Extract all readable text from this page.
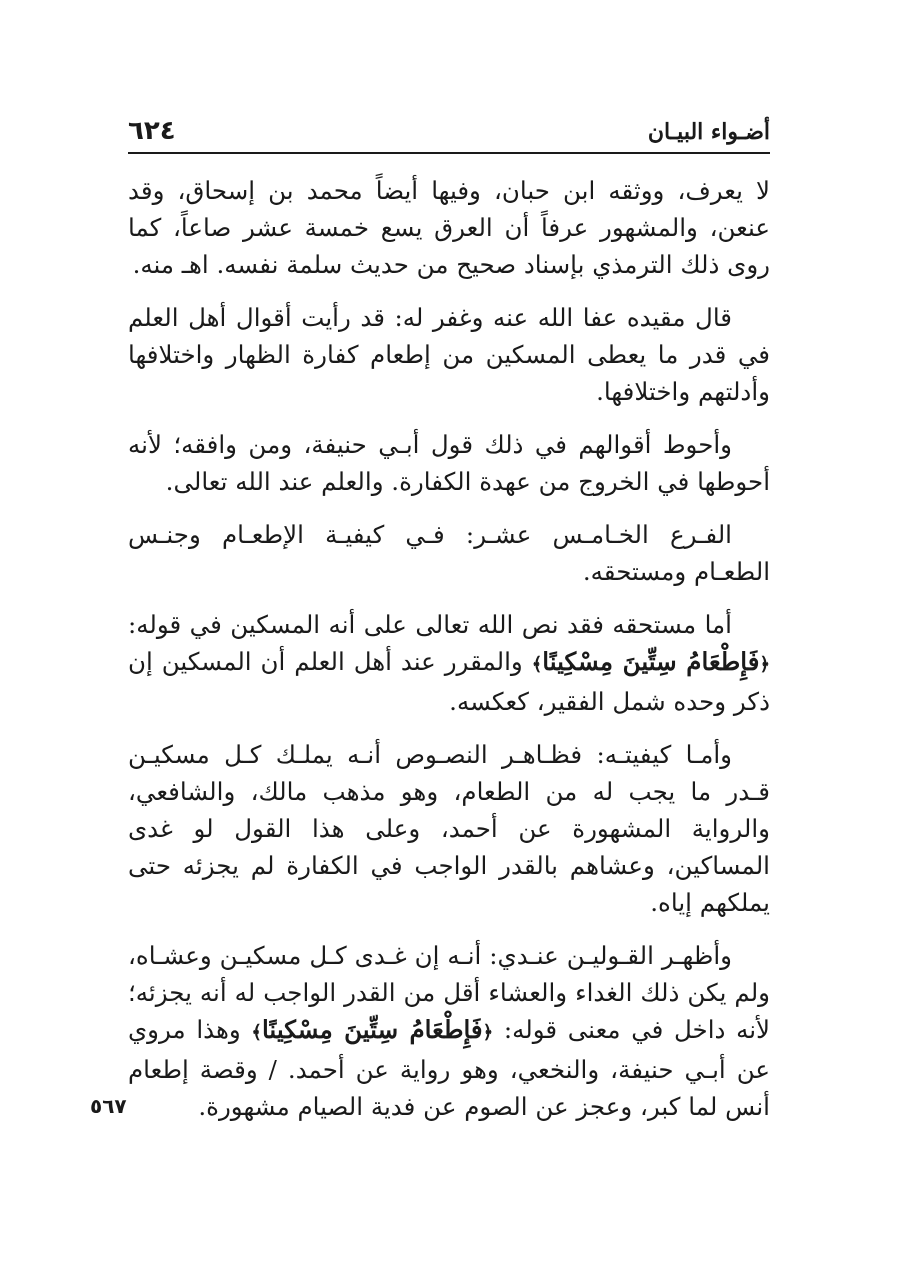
٦٢٤	أضـواء البيـان

لا يعرف، ووثقه ابن حبان، وفيها أيضاً محمد بن إسحاق، وقد عنعن، والمشهور عرفاً أن العرق يسع خمسة عشر صاعاً، كما روى ذلك الترمذي بإسناد صحيح من حديث سلمة نفسه. اهـ منه.

قال مقيده عفا الله عنه وغفر له: قد رأيت أقوال أهل العلم في قدر ما يعطى المسكين من إطعام كفارة الظهار واختلافها وأدلتهم واختلافها.

وأحوط أقوالهم في ذلك قول أبـي حنيفة، ومن وافقه؛ لأنه أحوطها في الخروج من عهدة الكفارة. والعلم عند الله تعالى.

الفـرع الخـامـس عشـر: فـي كيفيـة الإطعـام وجنـس الطعـام ومستحقه.

أما مستحقه فقد نص الله تعالى على أنه المسكين في قوله: ﴿فَإِطْعَامُ سِتِّينَ مِسْكِينًا﴾ والمقرر عند أهل العلم أن المسكين إن ذكر وحده شمل الفقير، كعكسه.

وأمـا كيفيتـه: فظـاهـر النصـوص أنـه يملـك كـل مسكيـن قـدر ما يجب له من الطعام، وهو مذهب مالك، والشافعي، والرواية المشهورة عن أحمد، وعلى هذا القول لو غدى المساكين، وعشاهم بالقدر الواجب في الكفارة لم يجزئه حتى يملكهم إياه.

وأظهـر القـوليـن عنـدي: أنـه إن غـدى كـل مسكيـن وعشـاه، ولم يكن ذلك الغداء والعشاء أقل من القدر الواجب له أنه يجزئه؛ لأنه داخل في معنى قوله: ﴿فَإِطْعَامُ سِتِّينَ مِسْكِينًا﴾ وهذا مروي عن أبـي حنيفة، والنخعي، وهو رواية عن أحمد. / وقصة إطعام أنس لما كبر، وعجز عن الصوم عن فدية الصيام مشهورة.

٥٦٧
